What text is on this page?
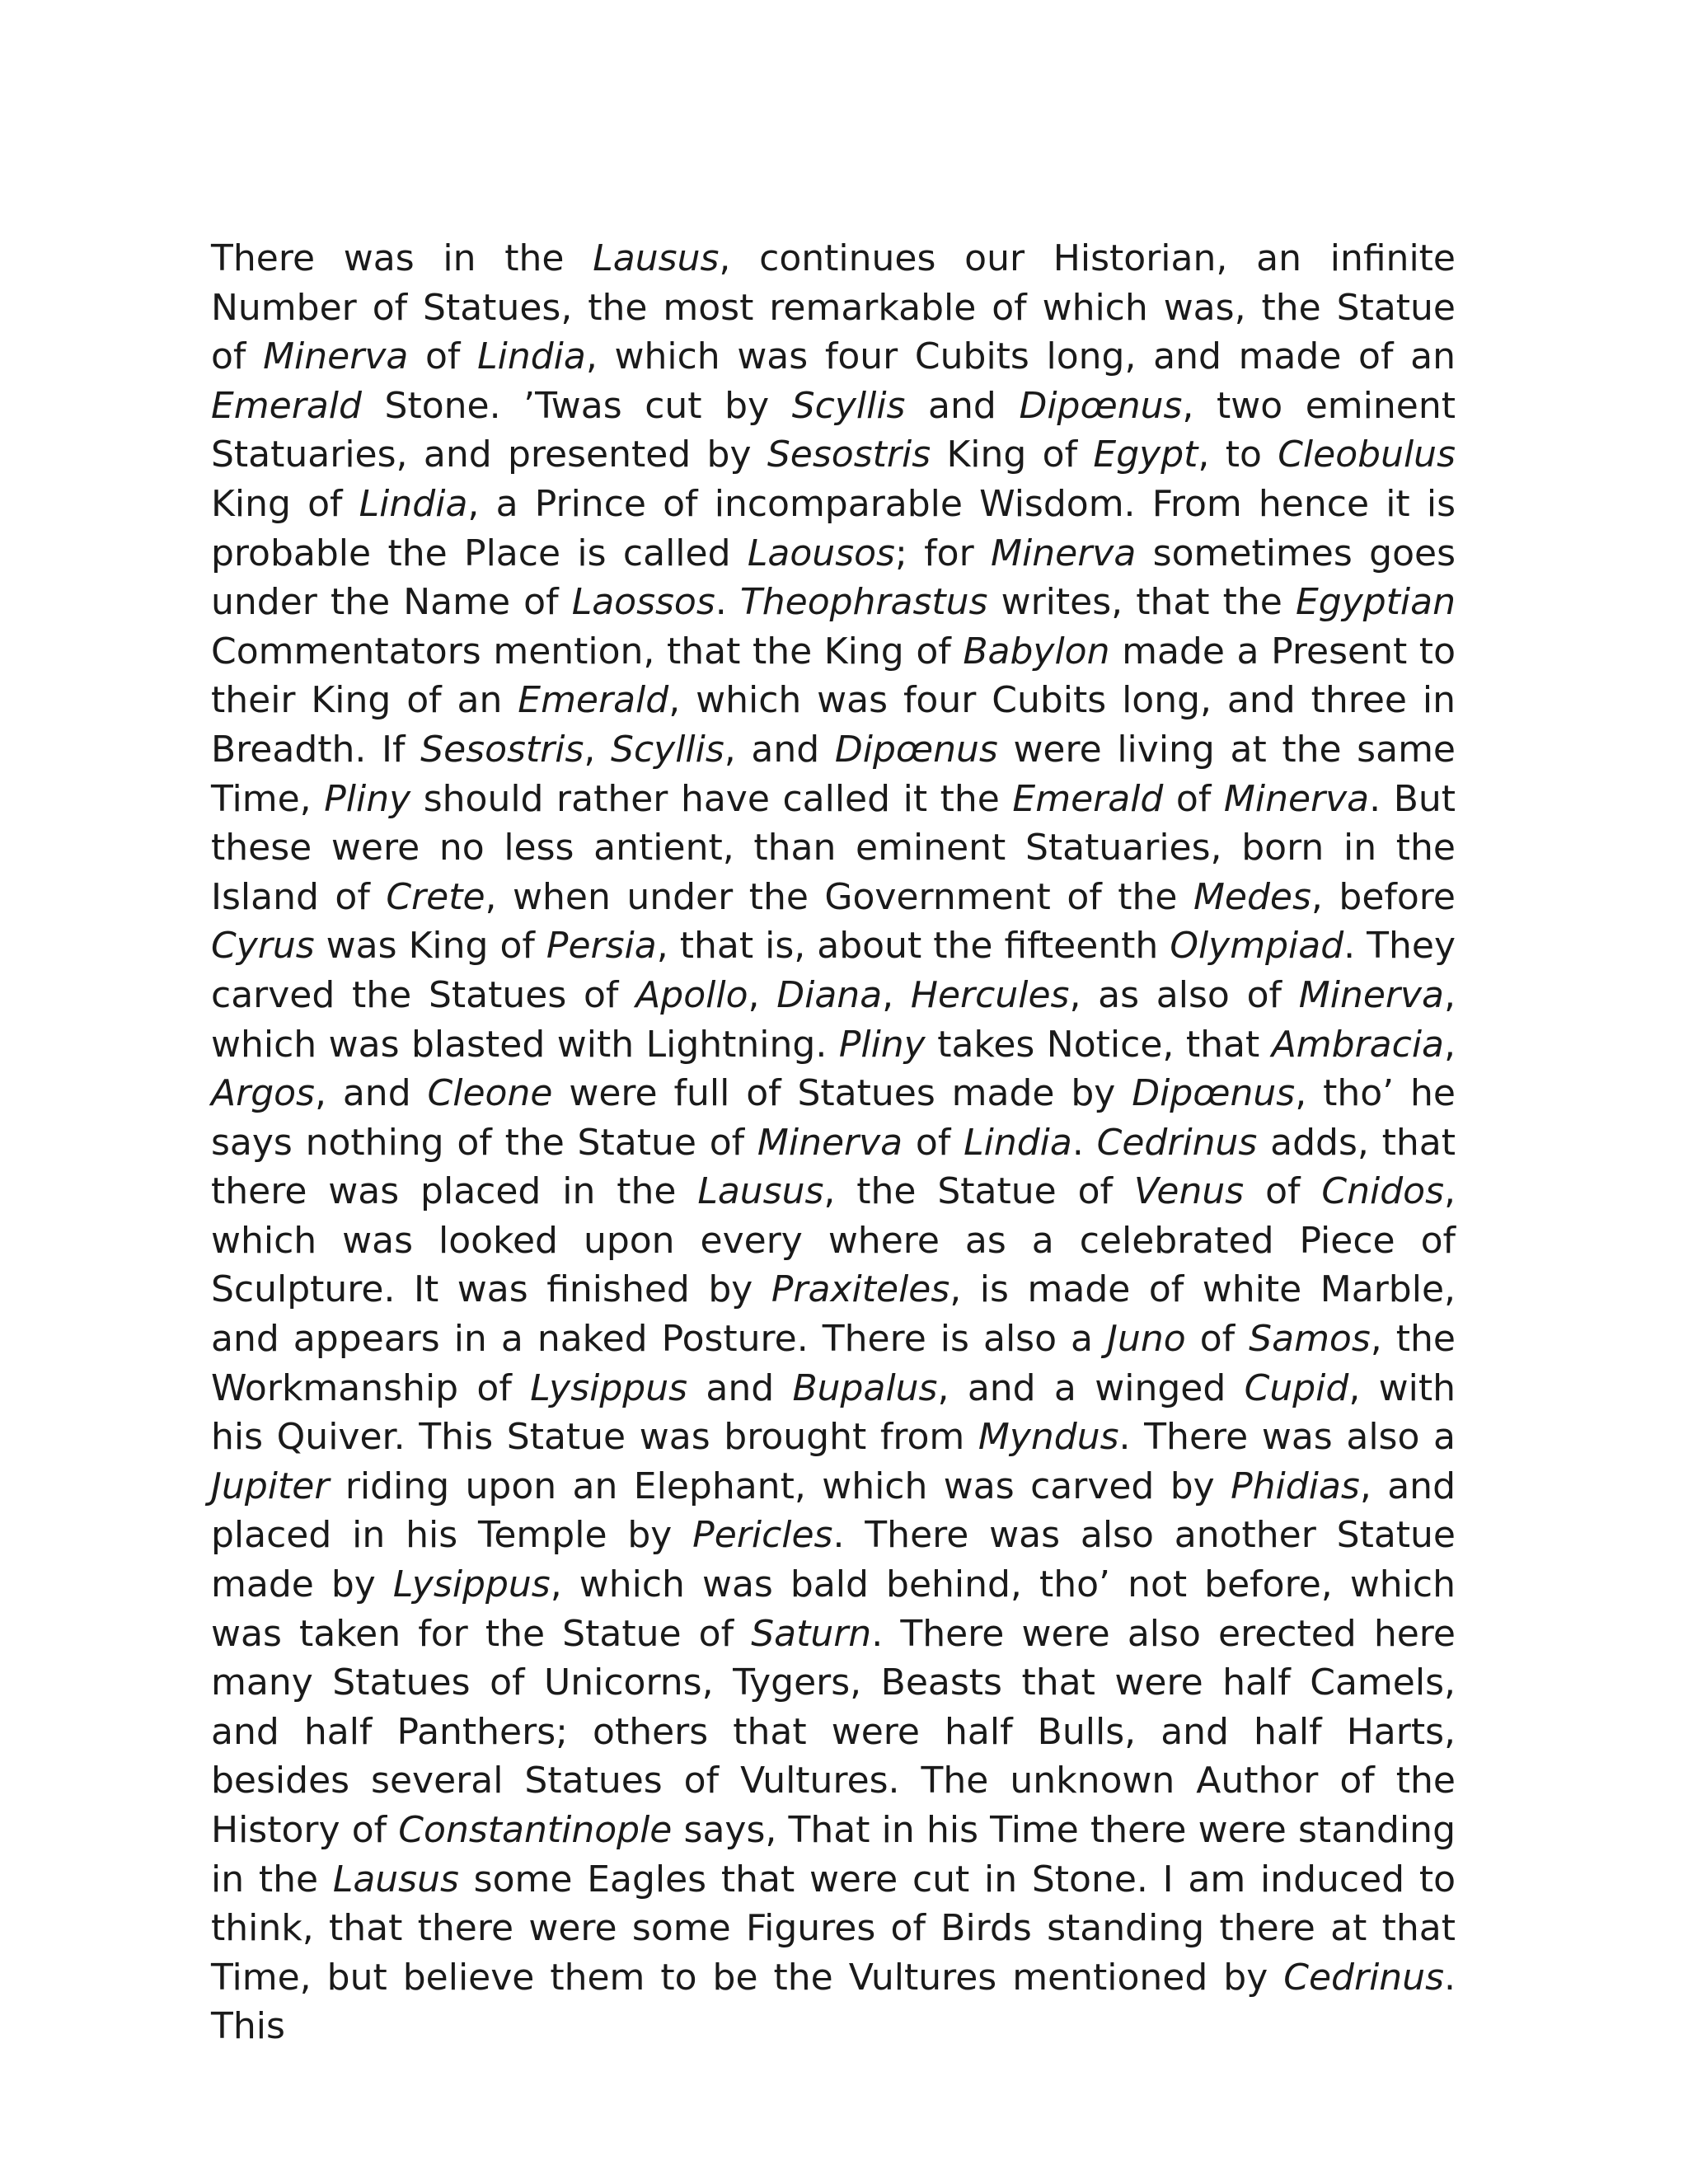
There was in the Lausus, continues our Historian, an infinite Number of Statues, the most remarkable of which was, the Statue of Minerva of Lindia, which was four Cubits long, and made of an Emerald Stone. ’Twas cut by Scyllis and Dipœnus, two eminent Statuaries, and presented by Sesostris King of Egypt, to Cleobulus King of Lindia, a Prince of incomparable Wisdom. From hence it is probable the Place is called Laousos; for Minerva sometimes goes under the Name of Laossos. Theophrastus writes, that the Egyptian Commentators mention, that the King of Babylon made a Present to their King of an Emerald, which was four Cubits long, and three in Breadth. If Sesostris, Scyllis, and Dipœnus were living at the same Time, Pliny should rather have called it the Emerald of Minerva. But these were no less antient, than eminent Statuaries, born in the Island of Crete, when under the Government of the Medes, before Cyrus was King of Persia, that is, about the fifteenth Olympiad. They carved the Statues of Apollo, Diana, Hercules, as also of Minerva, which was blasted with Lightning. Pliny takes Notice, that Ambracia, Argos, and Cleone were full of Statues made by Dipœnus, tho’ he says nothing of the Statue of Minerva of Lindia. Cedrinus adds, that there was placed in the Lausus, the Statue of Venus of Cnidos, which was looked upon every where as a celebrated Piece of Sculpture. It was finished by Praxiteles, is made of white Marble, and appears in a naked Posture. There is also a Juno of Samos, the Workmanship of Lysippus and Bupalus, and a winged Cupid, with his Quiver. This Statue was brought from Myndus. There was also a Jupiter riding upon an Elephant, which was carved by Phidias, and placed in his Temple by Pericles. There was also another Statue made by Lysippus, which was bald behind, tho’ not before, which was taken for the Statue of Saturn. There were also erected here many Statues of Unicorns, Tygers, Beasts that were half Camels, and half Panthers; others that were half Bulls, and half Harts, besides several Statues of Vultures. The unknown Author of the History of Constantinople says, That in his Time there were standing in the Lausus some Eagles that were cut in Stone. I am induced to think, that there were some Figures of Birds standing there at that Time, but believe them to be the Vultures mentioned by Cedrinus. This
